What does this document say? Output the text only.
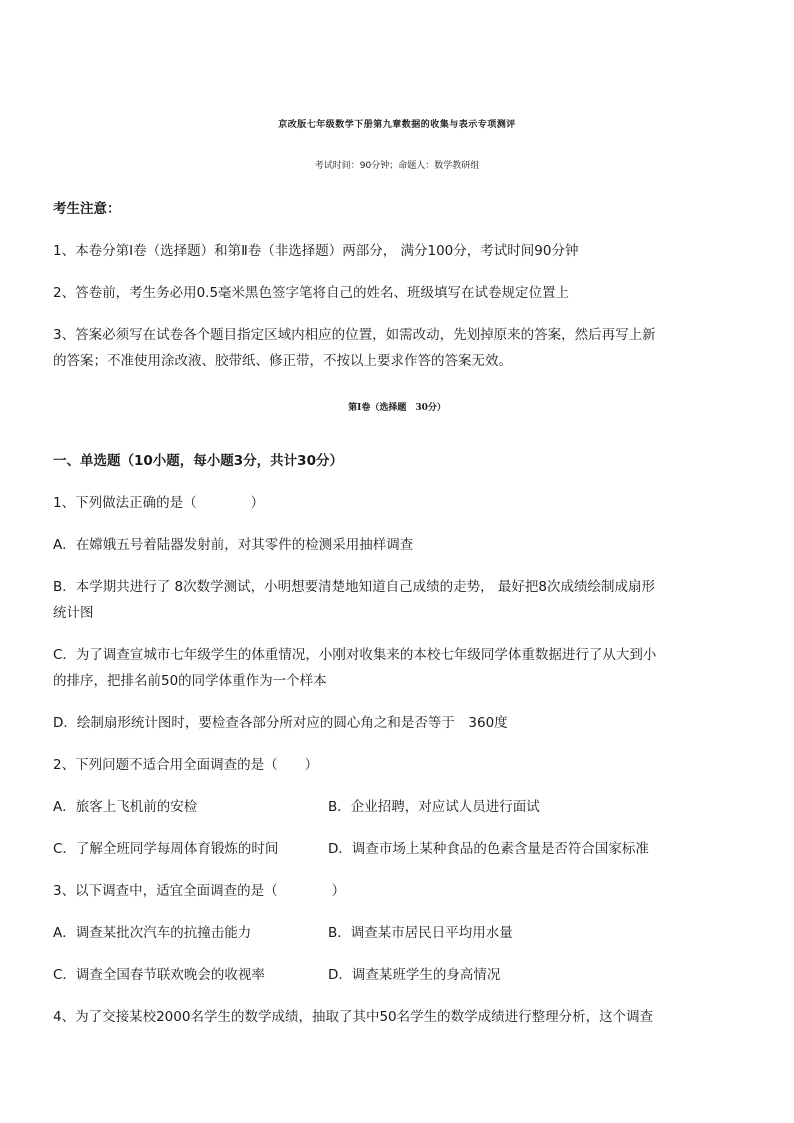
京改版七年级数学下册第九章数据的收集与表示专项测评
考试时间：90分钟；命题人：数学教研组
考生注意：
1、本卷分第Ⅰ卷（选择题）和第Ⅱ卷（非选择题）两部分， 满分100分，考试时间90分钟
2、答卷前，考生务必用0.5毫米黑色签字笔将自己的姓名、班级填写在试卷规定位置上
3、答案必须写在试卷各个题目指定区域内相应的位置，如需改动，先划掉原来的答案，然后再写上新
的答案；不准使用涂改液、胶带纸、修正带，不按以上要求作答的答案无效。
第Ⅰ卷（选择题　30分）
一、单选题（10小题，每小题3分，共计30分）
1、下列做法正确的是（　　　　）
A．在嫦娥五号着陆器发射前，对其零件的检测采用抽样调查
B．本学期共进行了 8次数学测试，小明想要清楚地知道自己成绩的走势， 最好把8次成绩绘制成扇形
统计图
C．为了调查宣城市七年级学生的体重情况，小刚对收集来的本校七年级同学体重数据进行了从大到小
的排序，把排名前50的同学体重作为一个样本
D．绘制扇形统计图时，要检查各部分所对应的圆心角之和是否等于　360度
2、下列问题不适合用全面调查的是（　　）
A．旅客上飞机前的安检	B．企业招聘，对应试人员进行面试
C．了解全班同学每周体育锻炼的时间	D．调查市场上某种食品的色素含量是否符合国家标准
3、以下调查中，适宜全面调查的是（　　　　）
A．调查某批次汽车的抗撞击能力	B．调查某市居民日平均用水量
C．调查全国春节联欢晚会的收视率	D．调查某班学生的身高情况
4、为了交接某校2000名学生的数学成绩，抽取了其中50名学生的数学成绩进行整理分析，这个调查
